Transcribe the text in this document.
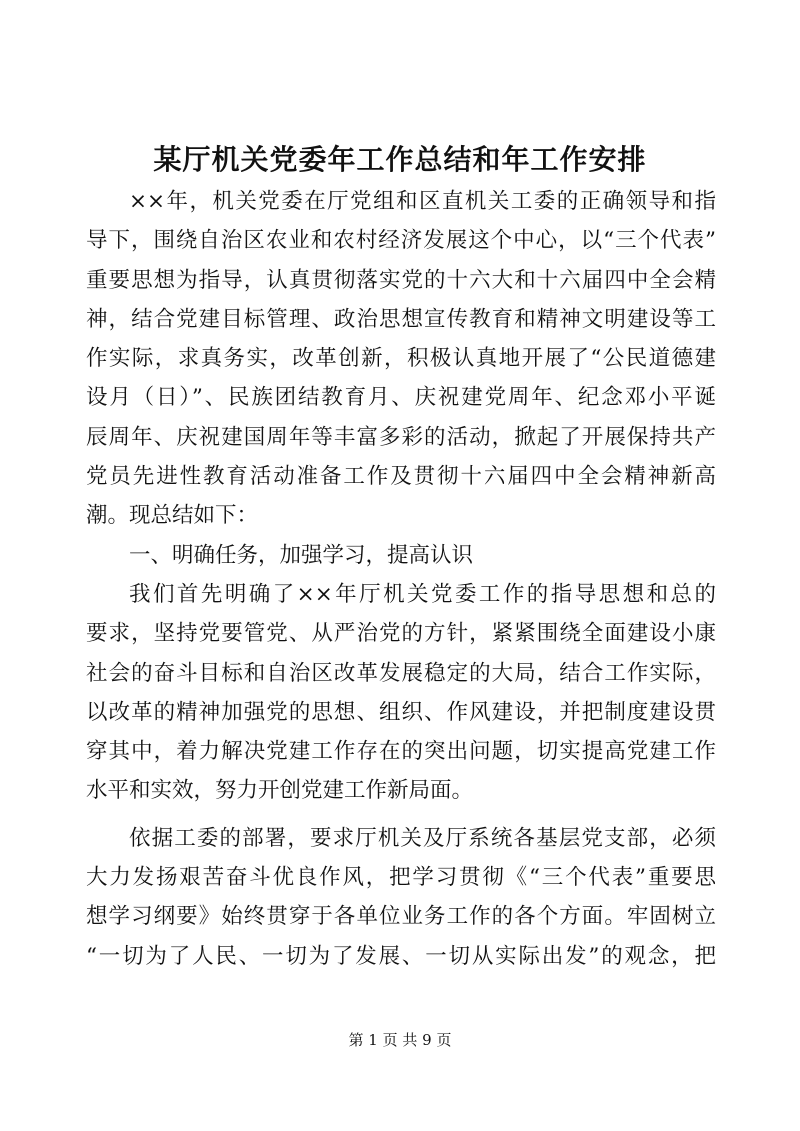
某厅机关党委年工作总结和年工作安排
××年，机关党委在厅党组和区直机关工委的正确领导和指
导下，围绕自治区农业和农村经济发展这个中心，以“三个代表”
重要思想为指导，认真贯彻落实党的十六大和十六届四中全会精
神，结合党建目标管理、政治思想宣传教育和精神文明建设等工
作实际，求真务实，改革创新，积极认真地开展了“公民道德建
设月（日）”、民族团结教育月、庆祝建党周年、纪念邓小平诞
辰周年、庆祝建国周年等丰富多彩的活动，掀起了开展保持共产
党员先进性教育活动准备工作及贯彻十六届四中全会精神新高
潮。现总结如下：
一、明确任务，加强学习，提高认识
我们首先明确了××年厅机关党委工作的指导思想和总的
要求，坚持党要管党、从严治党的方针，紧紧围绕全面建设小康
社会的奋斗目标和自治区改革发展稳定的大局，结合工作实际，
以改革的精神加强党的思想、组织、作风建设，并把制度建设贯
穿其中，着力解决党建工作存在的突出问题，切实提高党建工作
水平和实效，努力开创党建工作新局面。
依据工委的部署，要求厅机关及厅系统各基层党支部，必须
大力发扬艰苦奋斗优良作风，把学习贯彻《“三个代表”重要思
想学习纲要》始终贯穿于各单位业务工作的各个方面。牢固树立
“一切为了人民、一切为了发展、一切从实际出发”的观念，把
第 1 页 共 9 页
